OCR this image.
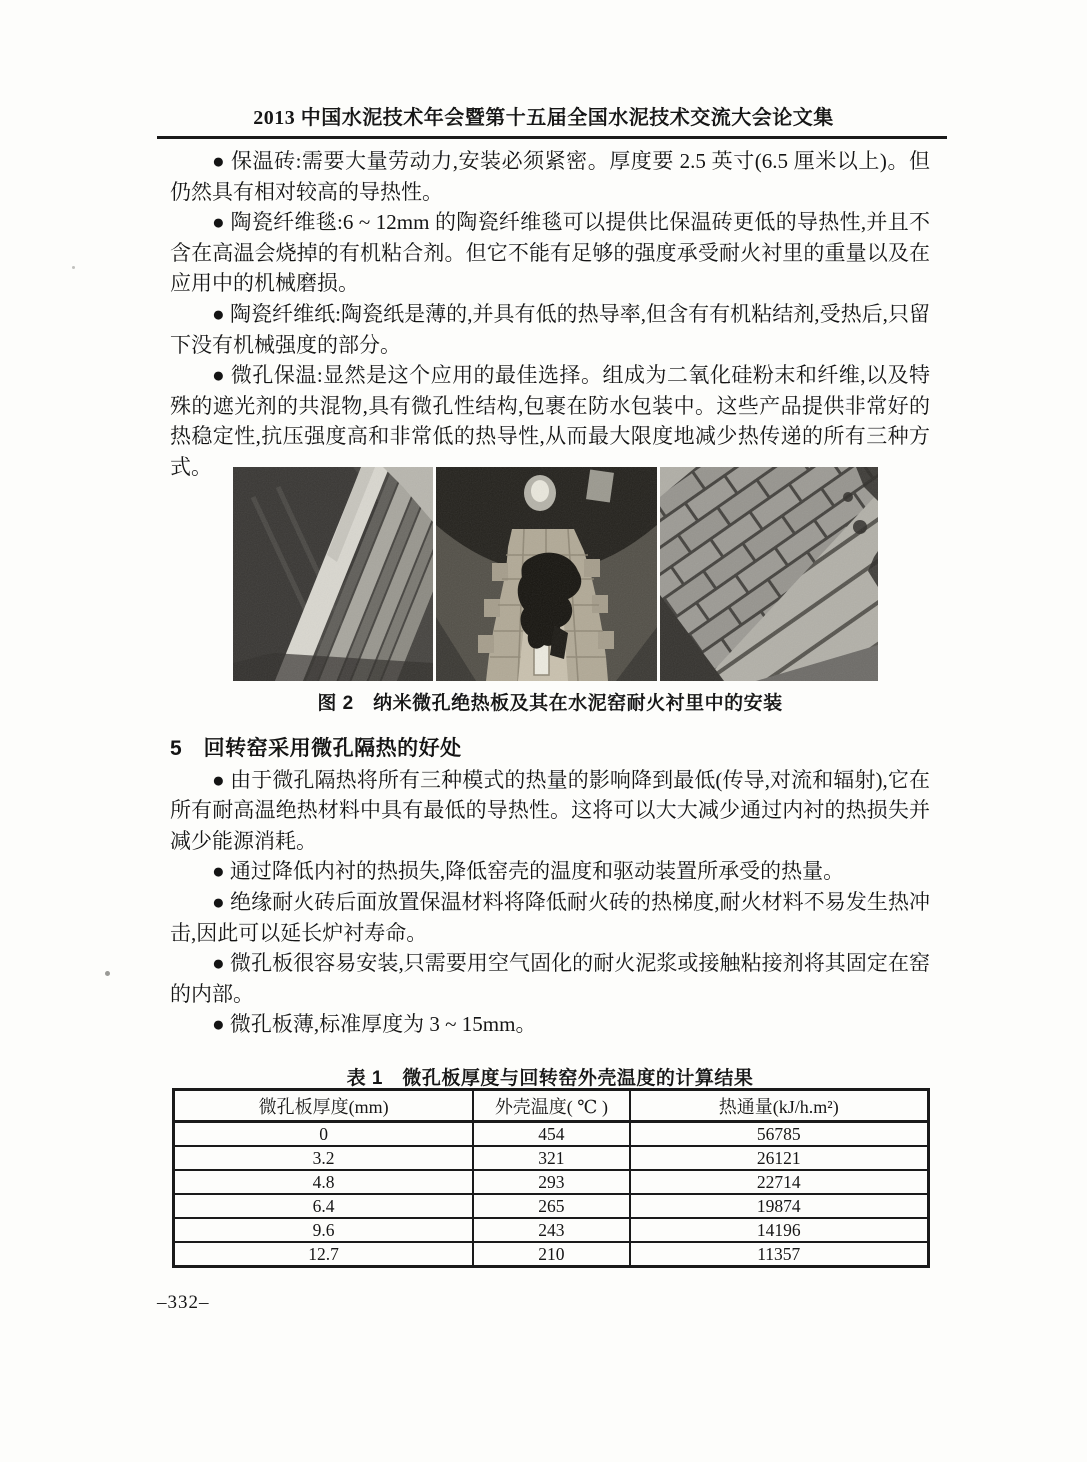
2013 中国水泥技术年会暨第十五届全国水泥技术交流大会论文集

● 保温砖:需要大量劳动力,安装必须紧密。厚度要 2.5 英寸(6.5 厘米以上)。但仍然具有相对较高的导热性。

● 陶瓷纤维毯:6 ~ 12mm 的陶瓷纤维毯可以提供比保温砖更低的导热性,并且不含在高温会烧掉的有机粘合剂。但它不能有足够的强度承受耐火衬里的重量以及在应用中的机械磨损。

● 陶瓷纤维纸:陶瓷纸是薄的,并具有低的热导率,但含有有机粘结剂,受热后,只留下没有机械强度的部分。

● 微孔保温:显然是这个应用的最佳选择。组成为二氧化硅粉末和纤维,以及特殊的遮光剂的共混物,具有微孔性结构,包裹在防水包装中。这些产品提供非常好的热稳定性,抗压强度高和非常低的热导性,从而最大限度地减少热传递的所有三种方式。

图 2　纳米微孔绝热板及其在水泥窑耐火衬里中的安装
5　回转窑采用微孔隔热的好处

● 由于微孔隔热将所有三种模式的热量的影响降到最低(传导,对流和辐射),它在所有耐高温绝热材料中具有最低的导热性。这将可以大大减少通过内衬的热损失并减少能源消耗。

● 通过降低内衬的热损失,降低窑壳的温度和驱动装置所承受的热量。

● 绝缘耐火砖后面放置保温材料将降低耐火砖的热梯度,耐火材料不易发生热冲击,因此可以延长炉衬寿命。

● 微孔板很容易安装,只需要用空气固化的耐火泥浆或接触粘接剂将其固定在窑的内部。

● 微孔板薄,标准厚度为 3 ~ 15mm。

表 1　微孔板厚度与回转窑外壳温度的计算结果
微孔板厚度(mm)	外壳温度( ℃ )	热通量(kJ/h.m²)
0	454	56785
3.2	321	26121
4.8	293	22714
6.4	265	19874
9.6	243	14196
12.7	210	11357
–332–
